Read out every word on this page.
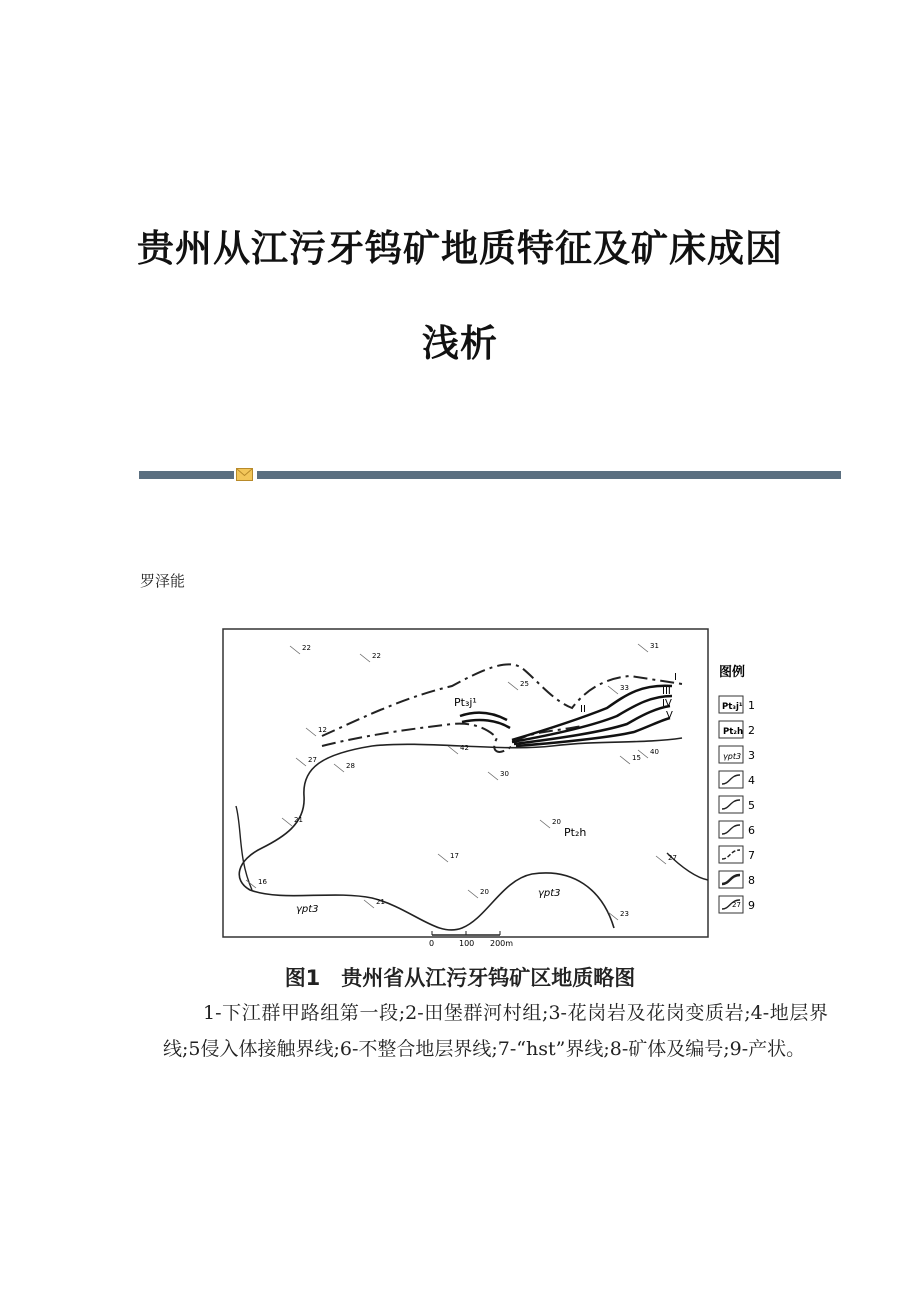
贵州从江污牙钨矿地质特征及矿床成因
浅析
罗泽能
Pt₃j¹
Pt₂h
γpt3
γpt3
I
II
III
IV
V
22
22
31
25	33
12
27
28
42	40
30
15
21	20
17	27
16
21
20
23
0	100 200m
图例
1
2
3
4
5
6
7
8
9
Pt₃j¹
Pt₂h
γpt3
27
图1　贵州省从江污牙钨矿区地质略图
1-下江群甲路组第一段;2-田堡群河村组;3-花岗岩及花岗变质岩;4-地层界线;5侵入体接触界线;6-不整合地层界线;7-“hst”界线;8-矿体及编号;9-产状。
